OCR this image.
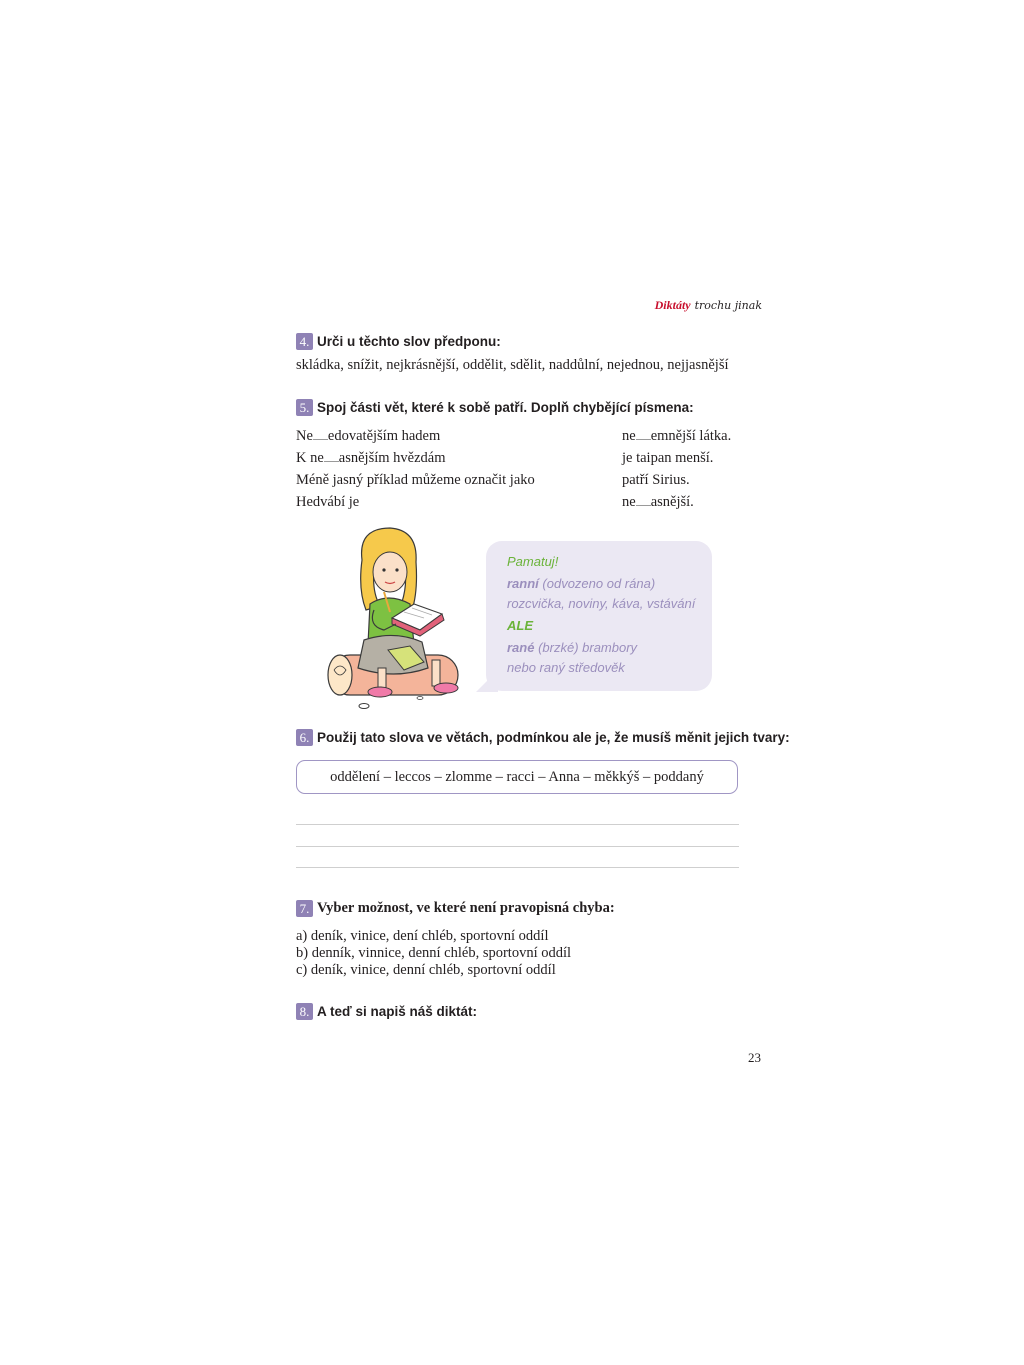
Diktáty trochu jinak
4. Urči u těchto slov předponu:
skládka, snížit, nejkrásnější, oddělit, sdělit, naddůlní, nejednou, nejjasnější
5. Spoj části vět, které k sobě patří. Doplň chybějící písmena:
Ne edovatějším hadem
K ne asnějším hvězdám
Méně jasný příklad můžeme označit jako
Hedvábí je
ne emnější látka.
je taipan menší.
patří Sirius.
ne asnější.
Pamatuj!
ranní (odvozeno od rána)
rozcvička, noviny, káva, vstávání
ALE
rané (brzké) brambory
nebo raný středověk
6. Použij tato slova ve větách, podmínkou ale je, že musíš měnit jejich tvary:
oddělení – leccos – zlomme – racci – Anna – měkkýš – poddaný
7. Vyber možnost, ve které není pravopisná chyba:
a) deník, vinice, dení chléb, sportovní oddíl
b) denník, vinnice, denní chléb, sportovní oddíl
c) deník, vinice, denní chléb, sportovní oddíl
8. A teď si napiš náš diktát:
23
